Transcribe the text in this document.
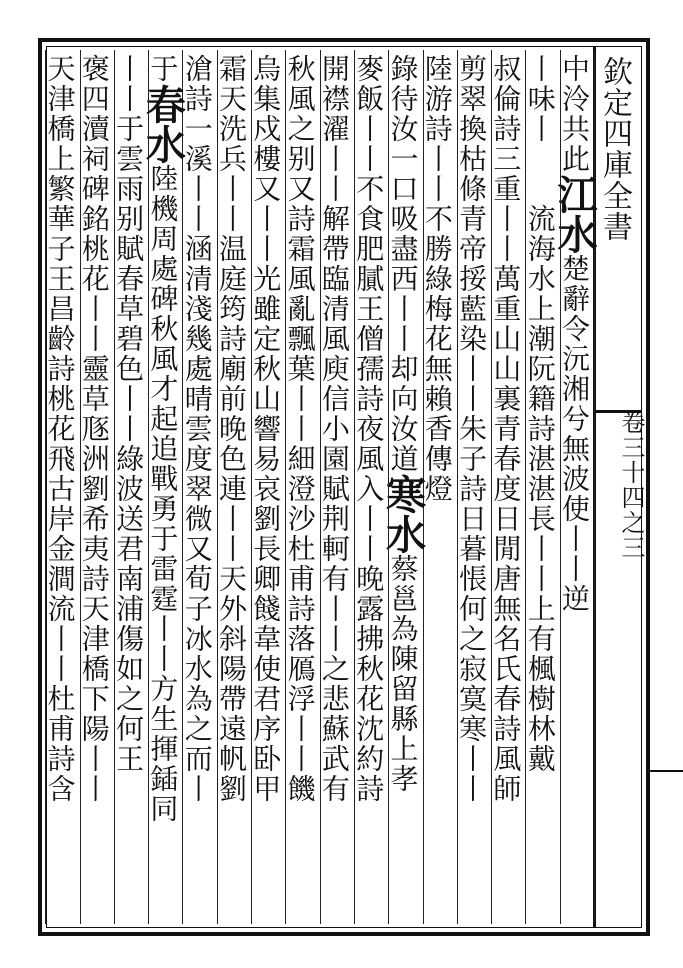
欽定四庫全書
中泠共此江水楚辭令沅湘兮無波使丨丨逆
丨味丨　　流海水上潮阮籍詩湛湛長丨丨上有楓樹林戴
叔倫詩三重丨丨萬重山山裏青春度日閒唐無名氏春詩風師
剪翠換枯條青帝挼藍染丨丨朱子詩日暮悵何之寂寞寒丨丨
陸游詩丨丨不勝綠梅花無賴香傳燈
錄待汝一口吸盡西丨丨却向汝道寒水蔡邕為陳留縣上孝
麥飯丨丨不食肥膩王僧孺詩夜風入丨丨晚露拂秋花沈約詩
開襟濯丨丨解帶臨清風庾信小園賦荆軻有丨丨之悲蘇武有
秋風之别又詩霜風亂飄葉丨丨細澄沙杜甫詩落鴈浮丨丨饑
烏集戍樓又丨丨光雖定秋山響易哀劉長卿餞韋使君序卧甲
霜天洗兵丨丨温庭筠詩廟前晚色連丨丨天外斜陽帶遠帆劉
滄詩一溪丨丨涵清淺幾處晴雲度翠微又荀子冰水為之而丨
于春水陸機周處碑秋風才起追戰勇于雷霆丨丨方生揮鍤同
丨丨于雲雨别賦春草碧色丨丨綠波送君南浦傷如之何王
褒四瀆祠碑銘桃花丨丨靈草豗洲劉希夷詩天津橋下陽丨丨
天津橋上繁華子王昌齡詩桃花飛古岸金澗流丨丨杜甫詩含	卷三十四之三
